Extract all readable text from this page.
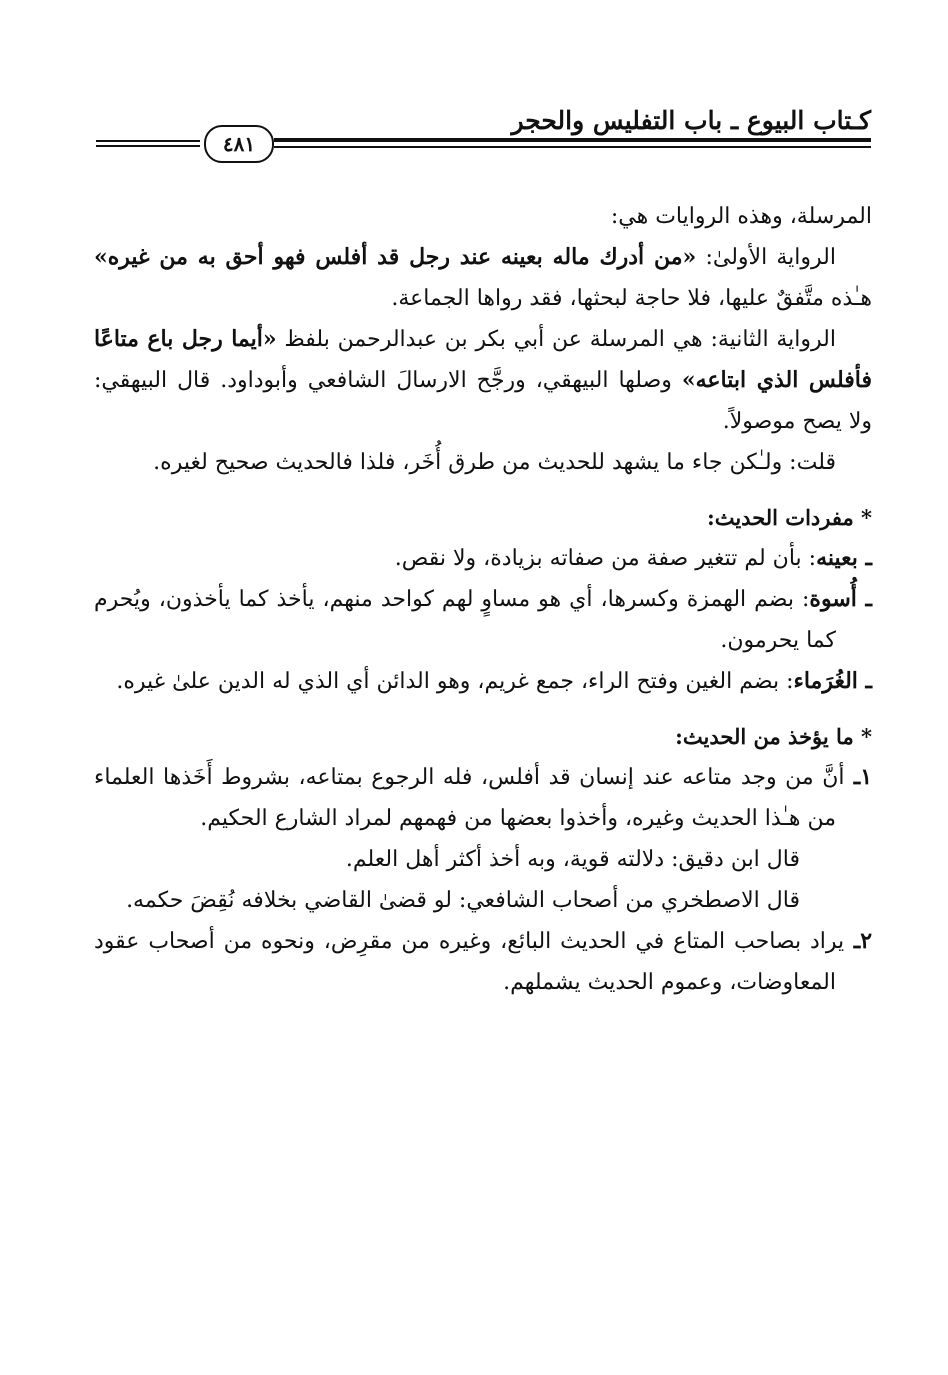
كـتاب البيوع ـ باب التفليس والحجر
٤٨١

المرسلة، وهذه الروايات هي:

الرواية الأولىٰ: «من أدرك ماله بعينه عند رجل قد أفلس فهو أحق به من غيره» هـٰذه متَّفقٌ عليها، فلا حاجة لبحثها، فقد رواها الجماعة.

الرواية الثانية: هي المرسلة عن أبي بكر بن عبدالرحمن بلفظ «أيما رجل باع متاعًا فأفلس الذي ابتاعه» وصلها البيهقي، ورجَّح الارسالَ الشافعي وأبوداود. قال البيهقي: ولا يصح موصولاً.

قلت: ولـٰكن جاء ما يشهد للحديث من طرق أُخَر، فلذا فالحديث صحيح لغيره.

* مفردات الحديث:

ـ بعينه: بأن لم تتغير صفة من صفاته بزيادة، ولا نقص.

ـ أُسوة: بضم الهمزة وكسرها، أي هو مساوٍ لهم كواحد منهم، يأخذ كما يأخذون، ويُحرم كما يحرمون.

ـ الغُرَماء: بضم الغين وفتح الراء، جمع غريم، وهو الدائن أي الذي له الدين علىٰ غيره.

* ما يؤخذ من الحديث:

١ـ أنَّ من وجد متاعه عند إنسان قد أفلس، فله الرجوع بمتاعه، بشروط أَخَذها العلماء من هـٰذا الحديث وغيره، وأخذوا بعضها من فهمهم لمراد الشارع الحكيم.

قال ابن دقيق: دلالته قوية، وبه أخذ أكثر أهل العلم.

قال الاصطخري من أصحاب الشافعي: لو قضىٰ القاضي بخلافه نُقِضَ حكمه.

٢ـ يراد بصاحب المتاع في الحديث البائع، وغيره من مقرِض، ونحوه من أصحاب عقود المعاوضات، وعموم الحديث يشملهم.
